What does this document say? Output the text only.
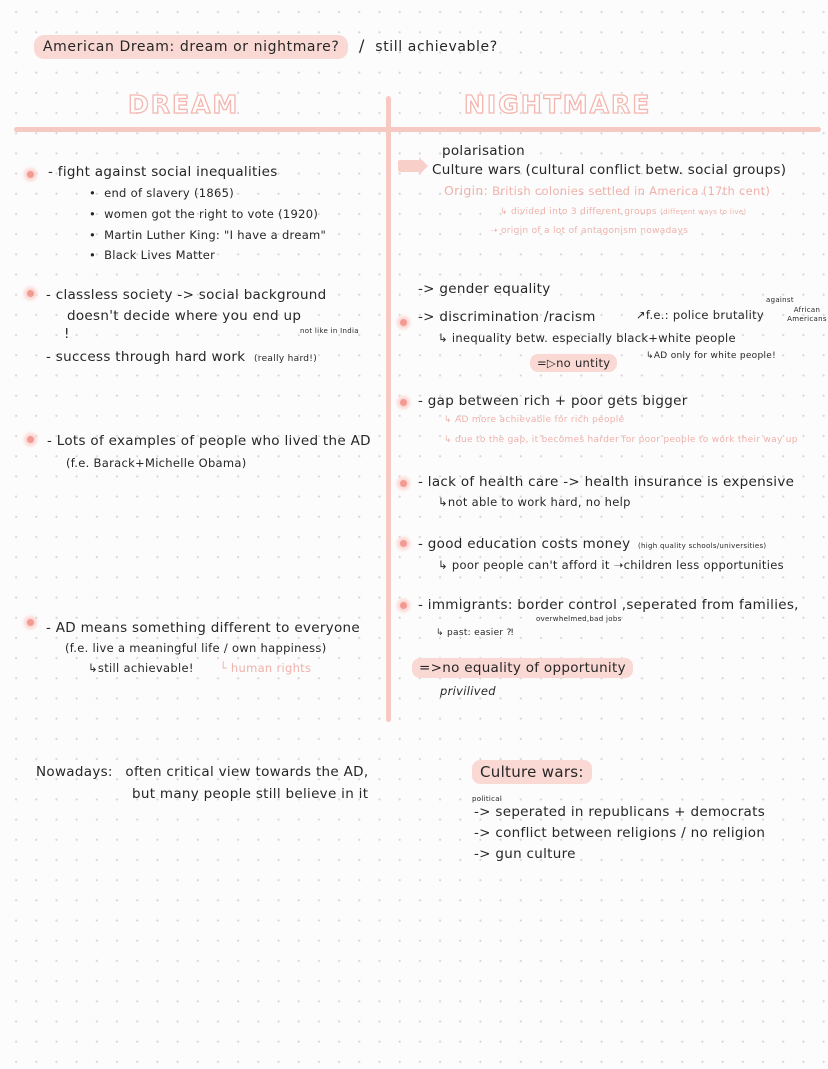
American Dream: dream or nightmare? / still achievable?
DREAM	NIGHTMARE
- fight against social inequalities
• end of slavery (1865)
• women got the right to vote (1920)
• Martin Luther King: "I have a dream"
• Black Lives Matter
- classless society -> social background
doesn't decide where you end up
!	not like in India
- success through hard work (really hard!)
- Lots of examples of people who lived the AD
(f.e. Barack+Michelle Obama)
- AD means something different to everyone
(f.e. live a meaningful life / own happiness)
↳still achievable! └ human rights
polarisation
Culture wars (cultural conflict betw. social groups)
Origin: British colonies settled in America (17th cent)
↳ divided into 3 different groups (different ways to live)
➝ origin of a lot of antagonism nowadays
-> gender equality
-> discrimination /racism	↗f.e.: police brutality
against
African Americans
↳ inequality betw. especially black+white people
=▷no untity	↳AD only for white people!
- gap between rich + poor gets bigger
↳ AD more achievable for rich people
↳ due to the gap, it becomes harder for poor people to work their way up
- lack of health care -> health insurance is expensive
↳not able to work hard, no help
- good education costs money (high quality schools/universities)
↳ poor people can't afford it ➝children less opportunities
- immigrants: border control ,seperated from families,
overwhelmed,bad jobs
↳ past: easier ⁈
=>no equality of opportunity
privilived
Nowadays: often critical view towards the AD,
but many people still believe in it
Culture wars:
political
-> seperated in republicans + democrats
-> conflict between religions / no religion
-> gun culture
